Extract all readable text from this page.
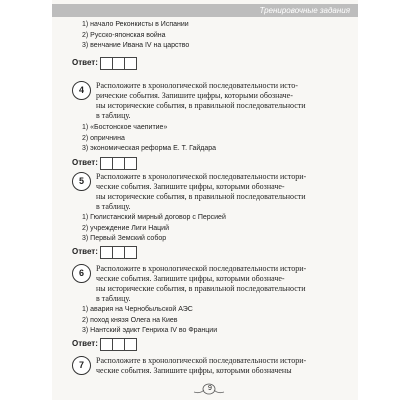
Тренировочные задания
1) начало Реконкисты в Испании
2) Русско-японская война
3) венчание Ивана IV на царство
Ответ:
4	Расположите в хронологической последовательности исто-
рические события. Запишите цифры, которыми обозначе-
ны исторические события, в правильной последовательности
в таблицу.
1) «Бостонское чаепитие»
2) опричнина
3) экономическая реформа Е. Т. Гайдара
Ответ:
5	Расположите в хронологической последовательности истори-
ческие события. Запишите цифры, которыми обозначе-
ны исторические события, в правильной последовательности
в таблицу.
1) Гюлистанский мирный договор с Персией
2) учреждение Лиги Наций
3) Первый Земский собор
Ответ:
6	Расположите в хронологической последовательности истори-
ческие события. Запишите цифры, которыми обозначе-
ны исторические события, в правильной последовательности
в таблицу.
1) авария на Чернобыльской АЭС
2) поход князя Олега на Киев
3) Нантский эдикт Генриха IV во Франции
Ответ:
7	Расположите в хронологической последовательности истори-
ческие события. Запишите цифры, которыми обозначены
9
